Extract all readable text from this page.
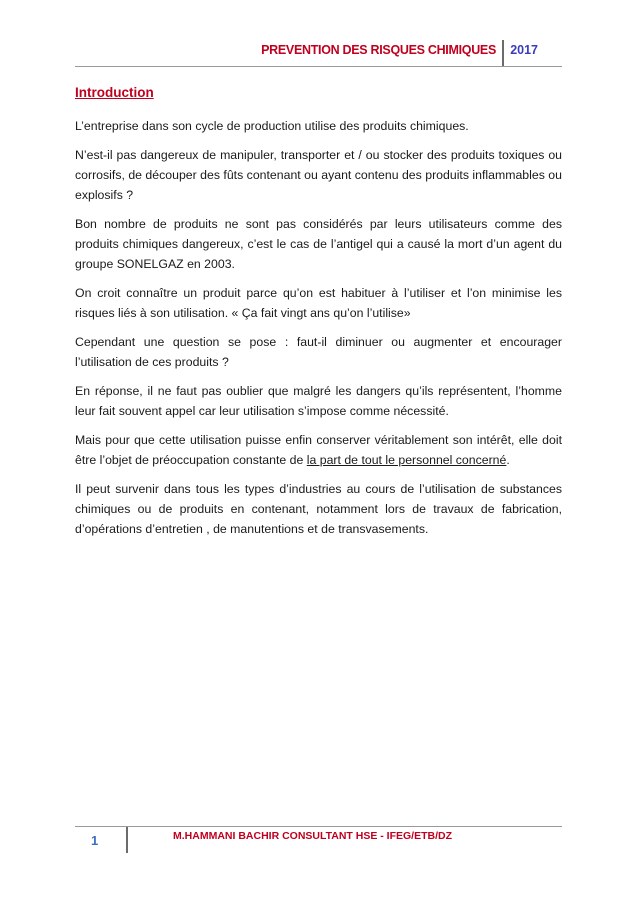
PREVENTION DES RISQUES CHIMIQUES 2017
Introduction

L’entreprise dans son cycle de production utilise des produits chimiques.

N’est-il pas dangereux de manipuler, transporter et / ou stocker des produits toxiques ou corrosifs, de découper des fûts contenant ou ayant contenu des produits inflammables ou explosifs ?

Bon nombre de produits ne sont pas considérés par leurs utilisateurs comme des produits chimiques dangereux, c’est le cas de l’antigel qui a causé la mort d’un agent du groupe SONELGAZ en 2003.

On croit connaître un produit parce qu’on est habituer à l’utiliser et l’on minimise les risques liés à son utilisation. « Ça fait vingt ans qu’on l’utilise»

Cependant une question se pose : faut-il diminuer ou augmenter et encourager l’utilisation de ces produits ?

En réponse, il ne faut pas oublier que malgré les dangers qu’ils représentent, l’homme leur fait souvent appel car leur utilisation s’impose comme nécessité.

Mais pour que cette utilisation puisse enfin conserver véritablement son intérêt, elle doit être l’objet de préoccupation constante de la part de tout le personnel concerné.

Il peut survenir dans tous les types d’industries au cours de l’utilisation de substances chimiques ou de produits en contenant, notamment lors de travaux de fabrication, d’opérations d’entretien , de manutentions et de transvasements.

1	M.HAMMANI BACHIR CONSULTANT HSE - IFEG/ETB/DZ
